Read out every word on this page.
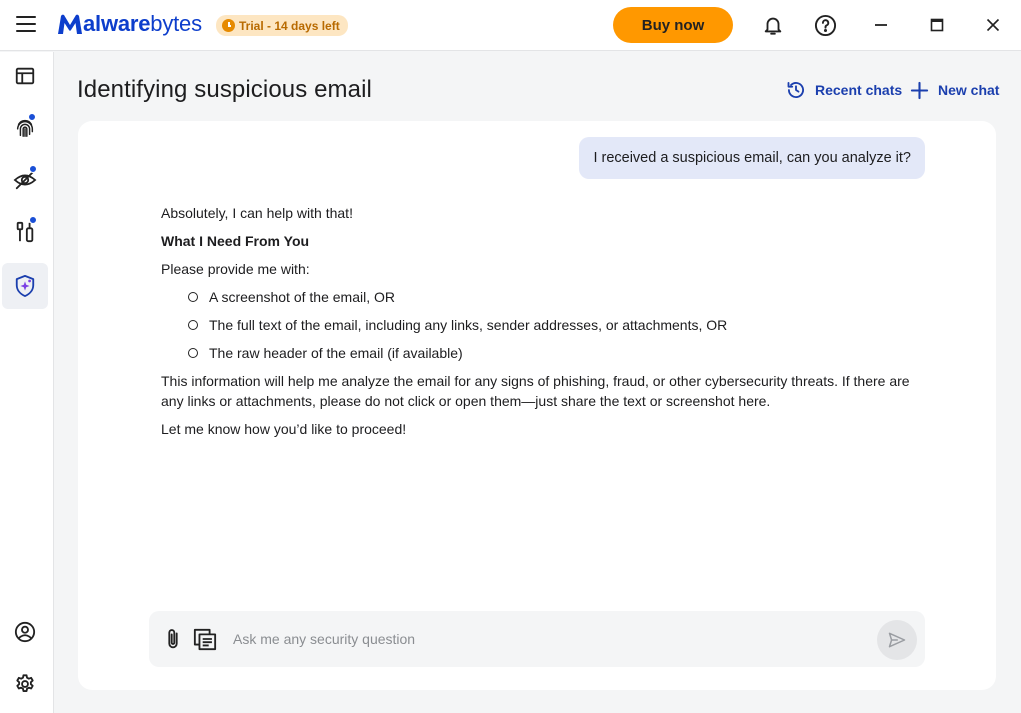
alwarebytes	Trial - 14 days left	Buy now
Identifying suspicious email	Recent chats	New chat
I received a suspicious email, can you analyze it?

Absolutely, I can help with that!

What I Need From You

Please provide me with:

A screenshot of the email, OR
The full text of the email, including any links, sender addresses, or attachments, OR
The raw header of the email (if available)

This information will help me analyze the email for any signs of phishing, fraud, or other cybersecurity threats. If there are any links or attachments, please do not click or open them—just share the text or screenshot here.

Let me know how you’d like to proceed!

Ask me any security question
